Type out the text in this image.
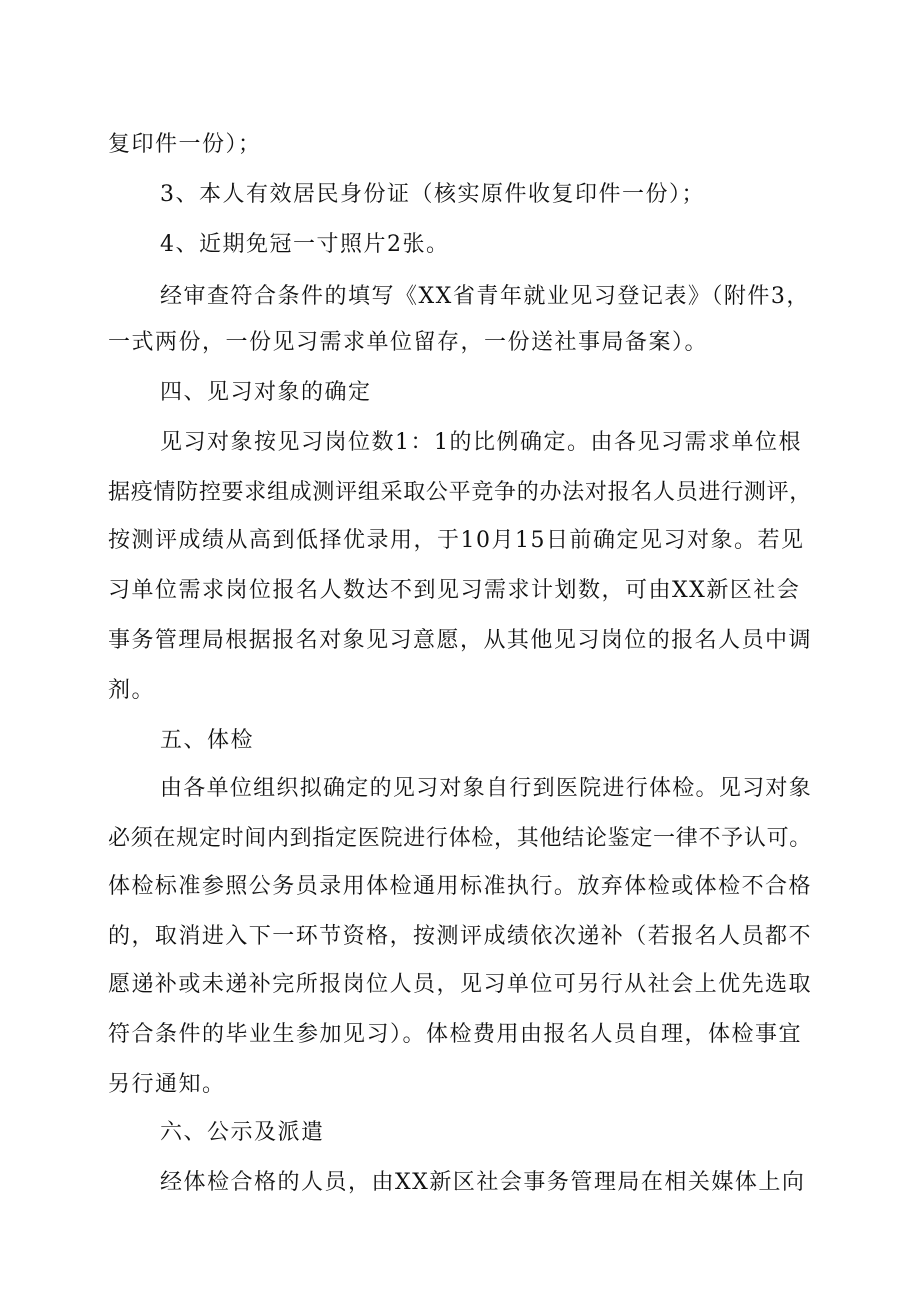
复印件一份）；
3、本人有效居民身份证（核实原件收复印件一份）；
4、近期免冠一寸照片2张。
经审查符合条件的填写《XX省青年就业见习登记表》（附件3，
一式两份，一份见习需求单位留存，一份送社事局备案）。
四、见习对象的确定
见习对象按见习岗位数1：1的比例确定。由各见习需求单位根
据疫情防控要求组成测评组采取公平竞争的办法对报名人员进行测评，
按测评成绩从高到低择优录用，于10月15日前确定见习对象。若见
习单位需求岗位报名人数达不到见习需求计划数，可由XX新区社会
事务管理局根据报名对象见习意愿，从其他见习岗位的报名人员中调
剂。
五、体检
由各单位组织拟确定的见习对象自行到医院进行体检。见习对象
必须在规定时间内到指定医院进行体检，其他结论鉴定一律不予认可。
体检标准参照公务员录用体检通用标准执行。放弃体检或体检不合格
的，取消进入下一环节资格，按测评成绩依次递补（若报名人员都不
愿递补或未递补完所报岗位人员，见习单位可另行从社会上优先选取
符合条件的毕业生参加见习）。体检费用由报名人员自理，体检事宜
另行通知。
六、公示及派遣
经体检合格的人员，由XX新区社会事务管理局在相关媒体上向
